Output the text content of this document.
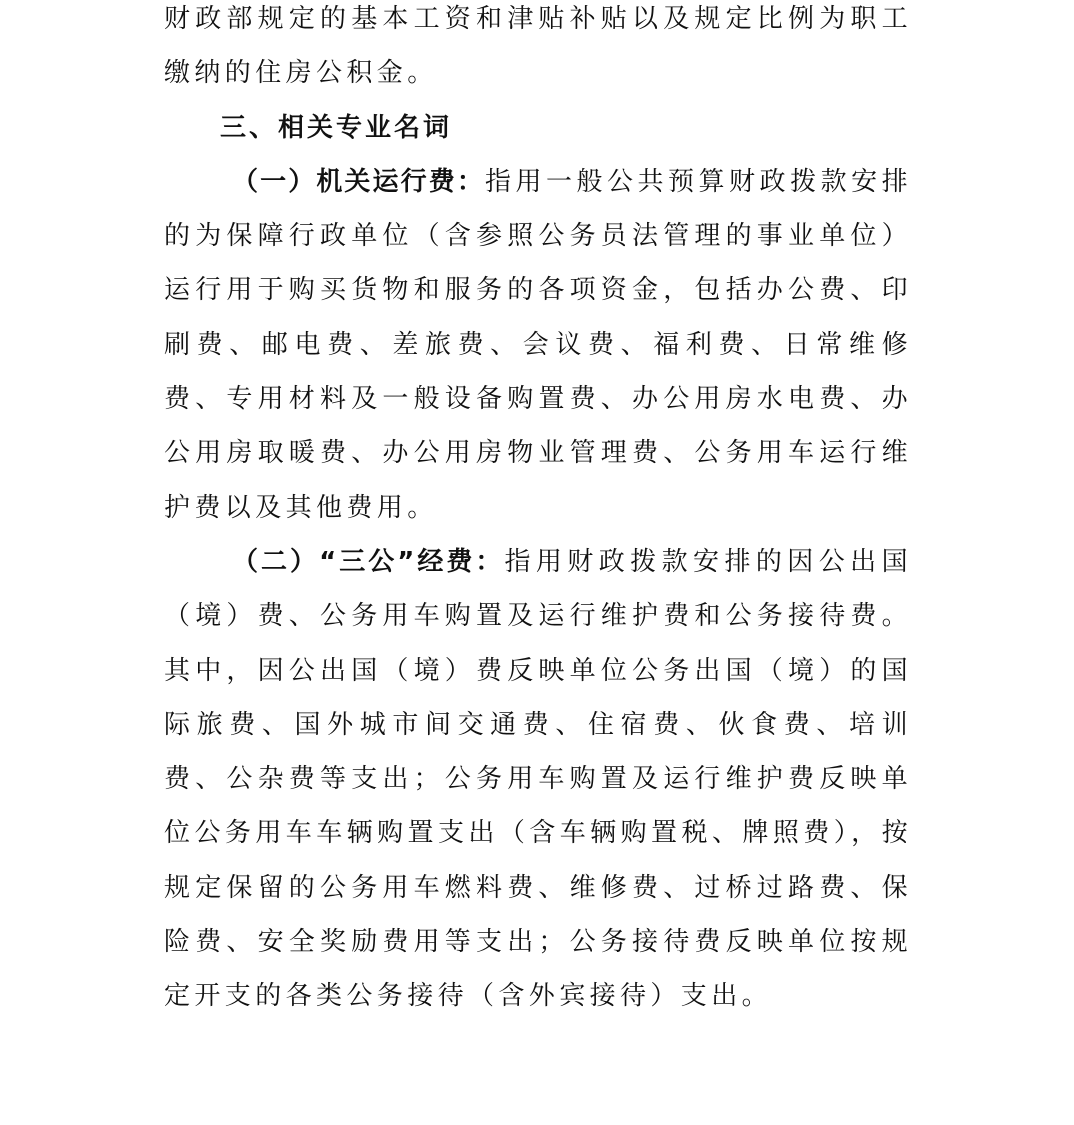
财政部规定的基本工资和津贴补贴以及规定比例为职工缴纳的住房公积金。

三、相关专业名词

（一）机关运行费：指用一般公共预算财政拨款安排的为保障行政单位（含参照公务员法管理的事业单位）运行用于购买货物和服务的各项资金，包括办公费、印刷费、邮电费、差旅费、会议费、福利费、日常维修费、专用材料及一般设备购置费、办公用房水电费、办公用房取暖费、办公用房物业管理费、公务用车运行维护费以及其他费用。

（二）“三公”经费：指用财政拨款安排的因公出国（境）费、公务用车购置及运行维护费和公务接待费。其中，因公出国（境）费反映单位公务出国（境）的国际旅费、国外城市间交通费、住宿费、伙食费、培训费、公杂费等支出；公务用车购置及运行维护费反映单位公务用车车辆购置支出（含车辆购置税、牌照费），按规定保留的公务用车燃料费、维修费、过桥过路费、保险费、安全奖励费用等支出；公务接待费反映单位按规定开支的各类公务接待（含外宾接待）支出。
